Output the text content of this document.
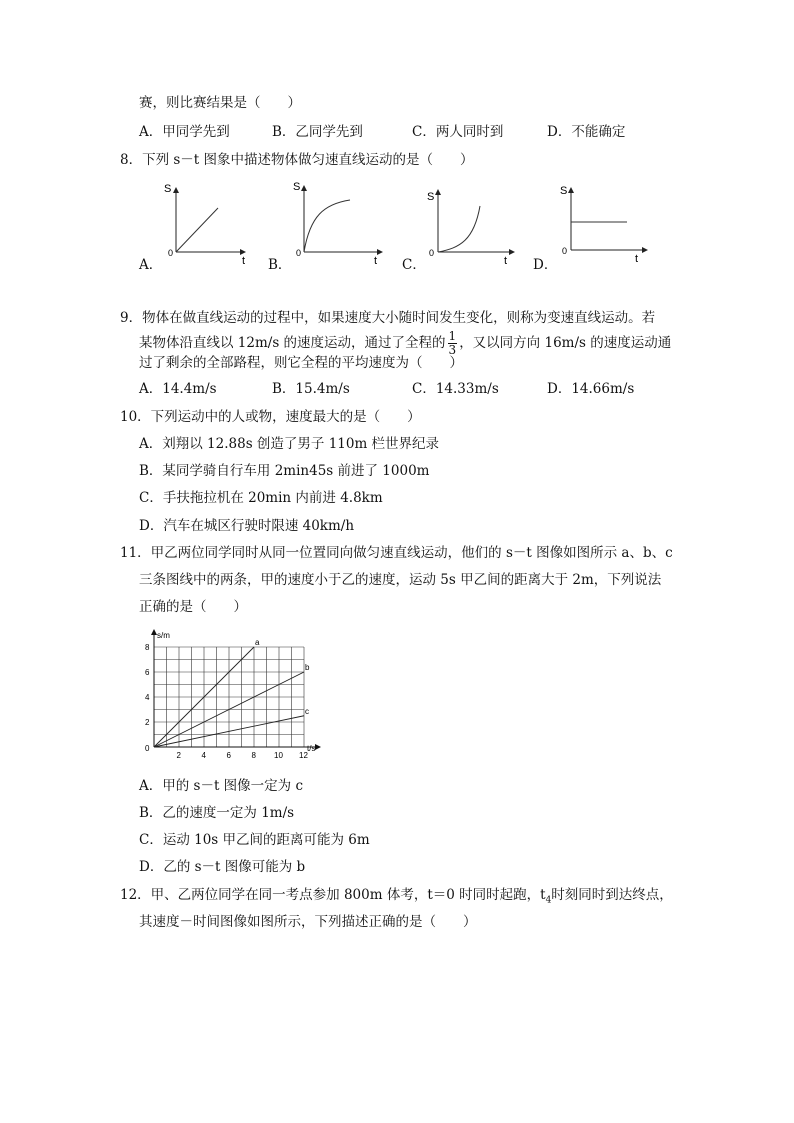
赛，则比赛结果是（　　）
A．甲同学先到	B．乙同学先到	C．两人同时到	D．不能确定
8．下列 s－t 图象中描述物体做匀速直线运动的是（　　）
A．
S
t
0
B．
S
t
0
C．
S
t
0
D．
S
t
0
9．物体在做直线运动的过程中，如果速度大小随时间发生变化，则称为变速直线运动。若
某物体沿直线以 12m/s 的速度运动，通过了全程的 $\frac{1}{3}$ ，又以同方向 16m/s 的速度运动通
过了剩余的全部路程，则它全程的平均速度为（　　）
A．14.4m/s	B．15.4m/s	C．14.33m/s	D．14.66m/s
10．下列运动中的人或物，速度最大的是（　　）
A．刘翔以 12.88s 创造了男子 110m 栏世界纪录
B．某同学骑自行车用 2min45s 前进了 1000m
C．手扶拖拉机在 20min 内前进 4.8km
D．汽车在城区行驶时限速 40km/h
11．甲乙两位同学同时从同一位置同向做匀速直线运动，他们的 s－t 图像如图所示 a、b、c
三条图线中的两条，甲的速度小于乙的速度，运动 5s 甲乙间的距离大于 2m，下列说法
正确的是（　　）
s/m
t/s
0
2	4	6	8 10 12
2
4
6
8
a
b
c
A．甲的 s－t 图像一定为 c
B．乙的速度一定为 1m/s
C．运动 10s 甲乙间的距离可能为 6m
D．乙的 s－t 图像可能为 b
12．甲、乙两位同学在同一考点参加 800m 体考，t＝0 时同时起跑，$t_4$时刻同时到达终点，
其速度－时间图像如图所示，下列描述正确的是（　　）
